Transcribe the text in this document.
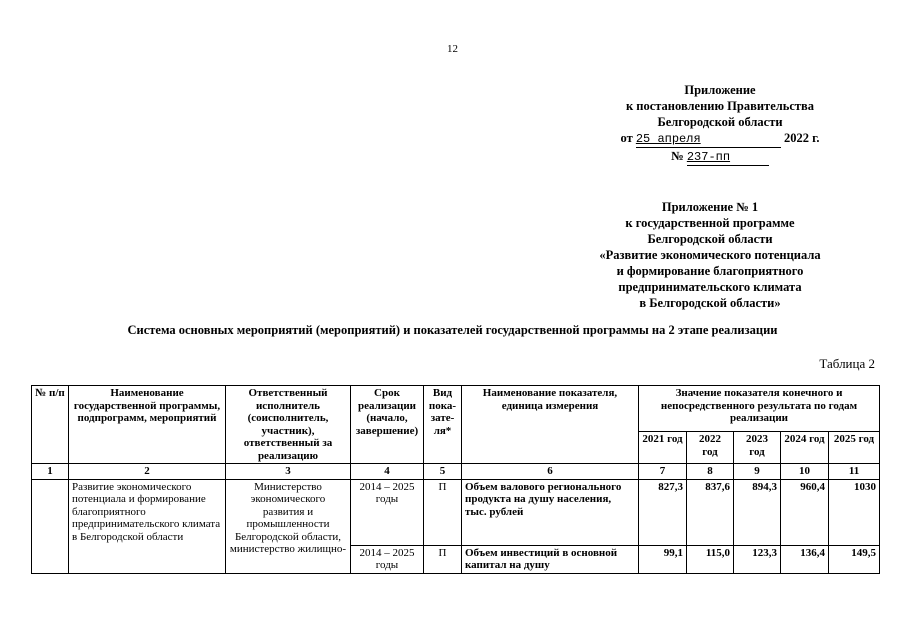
12
Приложение
к постановлению Правительства
Белгородской области
от 25 апреля	2022 г.
№ 237-пп
Приложение № 1
к государственной программе
Белгородской области
«Развитие экономического потенциала
и формирование благоприятного
предпринимательского климата
в Белгородской области»
Система основных мероприятий (мероприятий) и показателей государственной программы на 2 этапе реализации
Таблица 2
№ п/п	Наименование государственной программы, подпрограмм, мероприятий	Ответственный исполнитель (соисполнитель, участник), ответственный за реализацию	Срок реализации (начало, завершение)	Вид пока-зате-ля*	Наименование показателя, единица измерения	Значение показателя конечного и непосредственного результата по годам реализации				
						2021 год	2022 год	2023 год	2024 год	2025 год
1	2	3	4	5	6	7	8	9	10	11
	Развитие экономического потенциала и формирование благоприятного предпринимательского климата в Белгородской области	Министерство экономического развития и промышленности Белгородской области, министерство жилищно-	2014 – 2025 годы	П	Объем валового регионального продукта на душу населения, тыс. рублей	827,3	837,6	894,3	960,4	1030
			2014 – 2025 годы	П	Объем инвестиций в основной капитал на душу	99,1	115,0	123,3	136,4	149,5
